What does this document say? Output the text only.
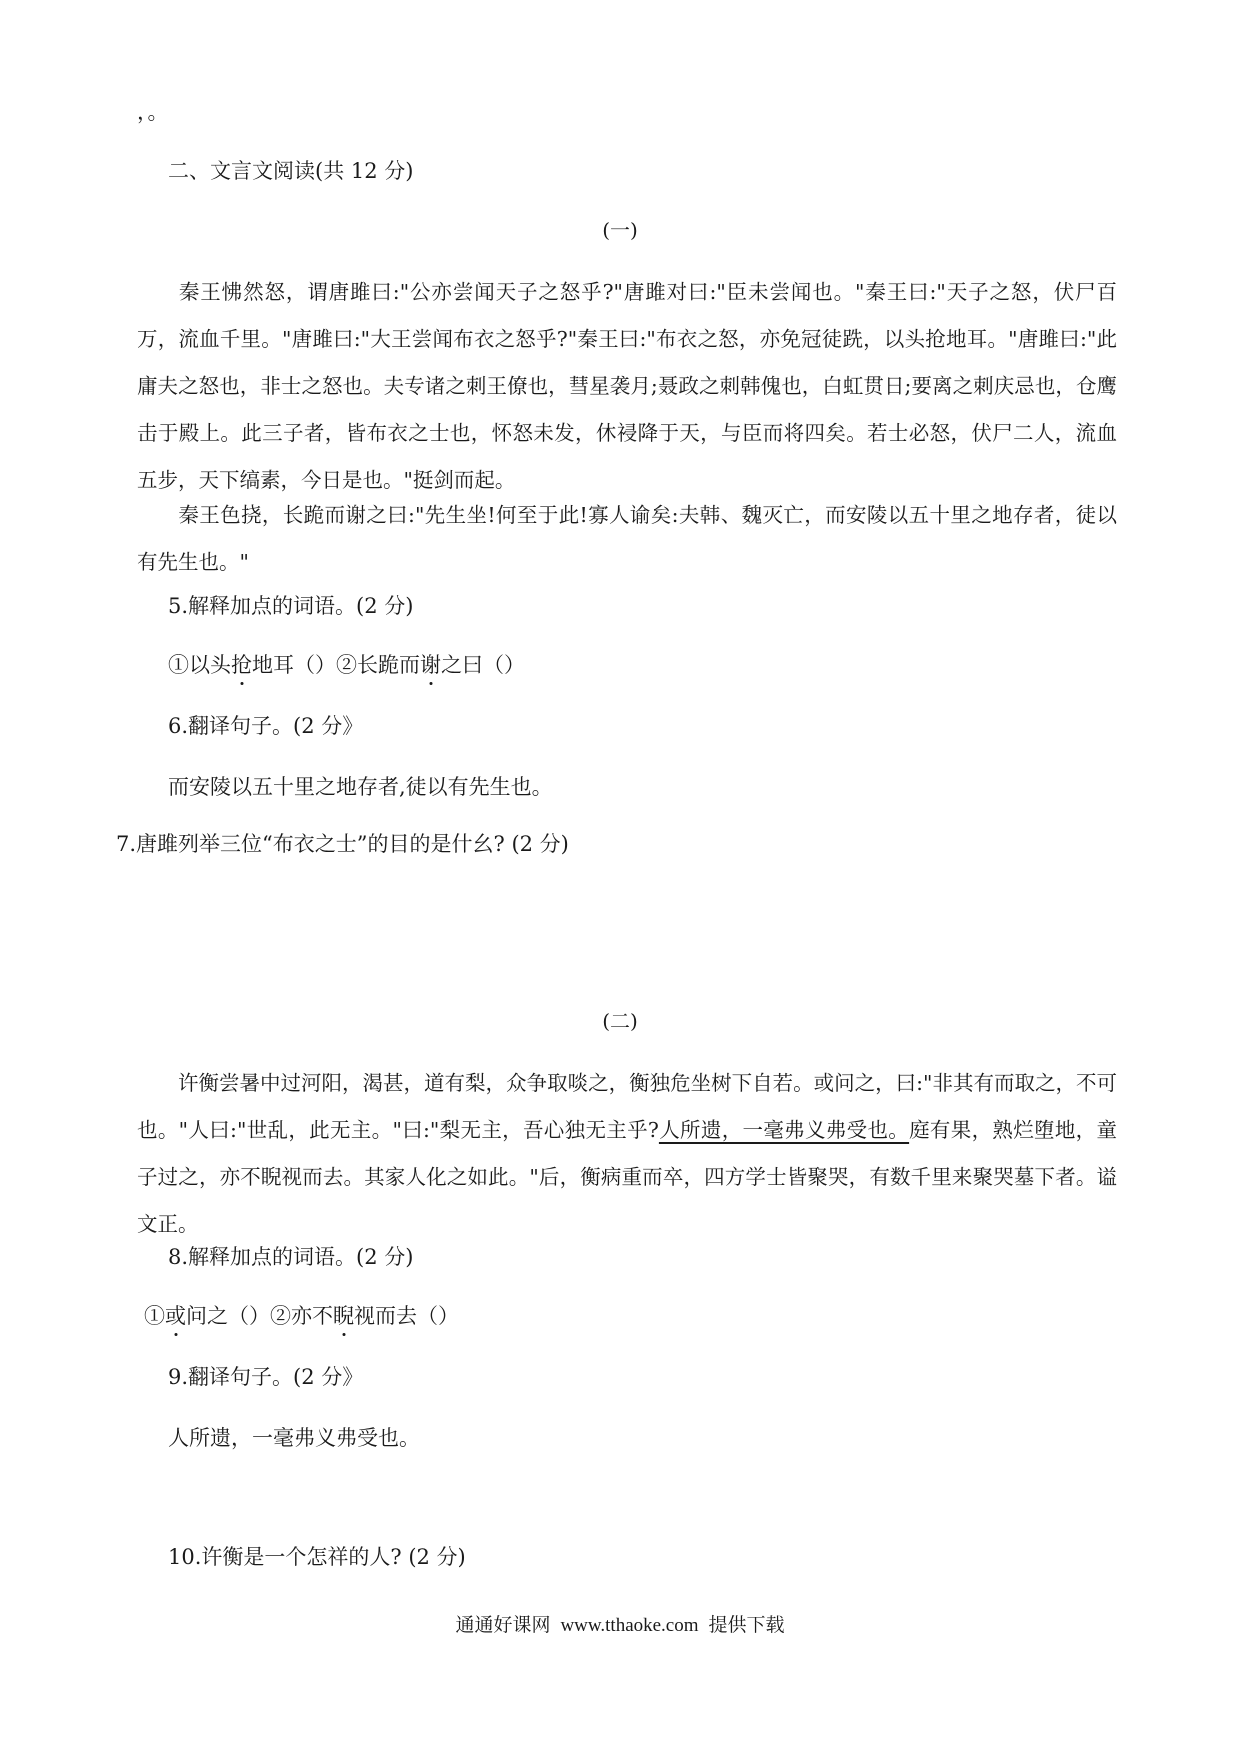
，。
二、文言文阅读(共 12 分)
(一)
秦王怫然怒，谓唐雎曰:"公亦尝闻天子之怒乎?"唐雎对曰:"臣未尝闻也。"秦王曰:"天子之怒，伏尸百万，流血千里。"唐雎曰:"大王尝闻布衣之怒乎?"秦王曰:"布衣之怒，亦免冠徒跣，以头抢地耳。"唐雎曰:"此庸夫之怒也，非士之怒也。夫专诸之刺王僚也，彗星袭月;聂政之刺韩傀也，白虹贯日;要离之刺庆忌也，仓鹰击于殿上。此三子者，皆布衣之士也，怀怒未发，休祲降于天，与臣而将四矣。若士必怒，伏尸二人，流血五步，天下缟素，今日是也。"挺剑而起。
秦王色挠，长跪而谢之曰:"先生坐!何至于此!寡人谕矣:夫韩、魏灭亡，而安陵以五十里之地存者，徒以有先生也。"
5.解释加点的词语。(2 分)
①以头抢地耳（）②长跪而谢之曰（）
6.翻译句子。(2 分》
而安陵以五十里之地存者,徒以有先生也。
7.唐雎列举三位“布衣之士”的目的是什幺? (2 分)
(二)
许衡尝暑中过河阳，渴甚，道有梨，众争取啖之，衡独危坐树下自若。或问之，曰:"非其有而取之，不可也。"人曰:"世乱，此无主。"曰:"梨无主，吾心独无主乎?人所遗，一毫弗义弗受也。庭有果，熟烂堕地，童子过之，亦不睨视而去。其家人化之如此。"后，衡病重而卒，四方学士皆聚哭，有数千里来聚哭墓下者。谥文正。
8.解释加点的词语。(2 分)
①或问之（）②亦不睨视而去（）
9.翻译句子。(2 分》
人所遗，一毫弗义弗受也。
10.许衡是一个怎祥的人? (2 分)
通通好课网 www.tthaoke.com 提供下载
